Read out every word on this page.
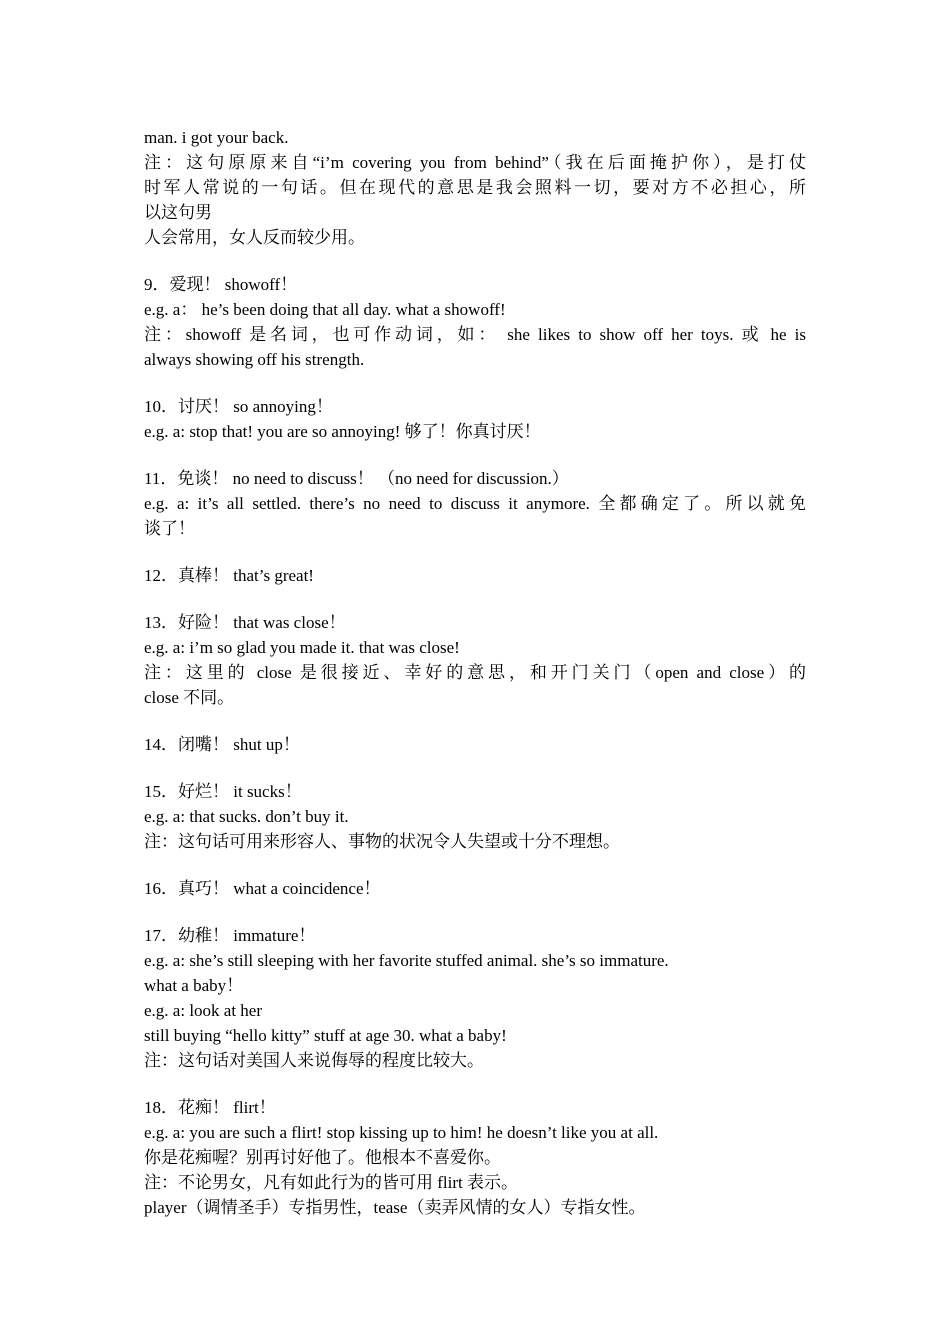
man. i got your back.
注：这句原原来自“i’m covering you from behind”（我在后面掩护你），是打仗
时军人常说的一句话。但在现代的意思是我会照料一切，要对方不必担心，所
以这句男
人会常用，女人反而较少用。
9．爱现！ showoff！
e.g. a： he’s been doing that all day. what a showoff!
注：showoff 是名词，也可作动词，如： she likes to show off her toys. 或 he is
always showing off his strength.
10．讨厌！ so annoying！
e.g. a: stop that! you are so annoying! 够了！你真讨厌！
11．免谈！ no need to discuss！ （no need for discussion.）
e.g. a: it’s all settled. there’s no need to discuss it anymore. 全都确定了。所以就免
谈了！
12．真棒！ that’s great!
13．好险！ that was close！
e.g. a: i’m so glad you made it. that was close!
注：这里的 close 是很接近、幸好的意思，和开门关门（open and close）的
close 不同。
14．闭嘴！ shut up！
15．好烂！ it sucks！
e.g. a: that sucks. don’t buy it.
注：这句话可用来形容人、事物的状况令人失望或十分不理想。
16．真巧！ what a coincidence！
17．幼稚！ immature！
e.g. a: she’s still sleeping with her favorite stuffed animal. she’s so immature.
what a baby！
e.g. a: look at her
still buying “hello kitty” stuff at age 30. what a baby!
注：这句话对美国人来说侮辱的程度比较大。
18．花痴！ flirt！
e.g. a: you are such a flirt! stop kissing up to him! he doesn’t like you at all.
你是花痴喔？别再讨好他了。他根本不喜爱你。
注：不论男女，凡有如此行为的皆可用 flirt 表示。
player（调情圣手）专指男性，tease（卖弄风情的女人）专指女性。
